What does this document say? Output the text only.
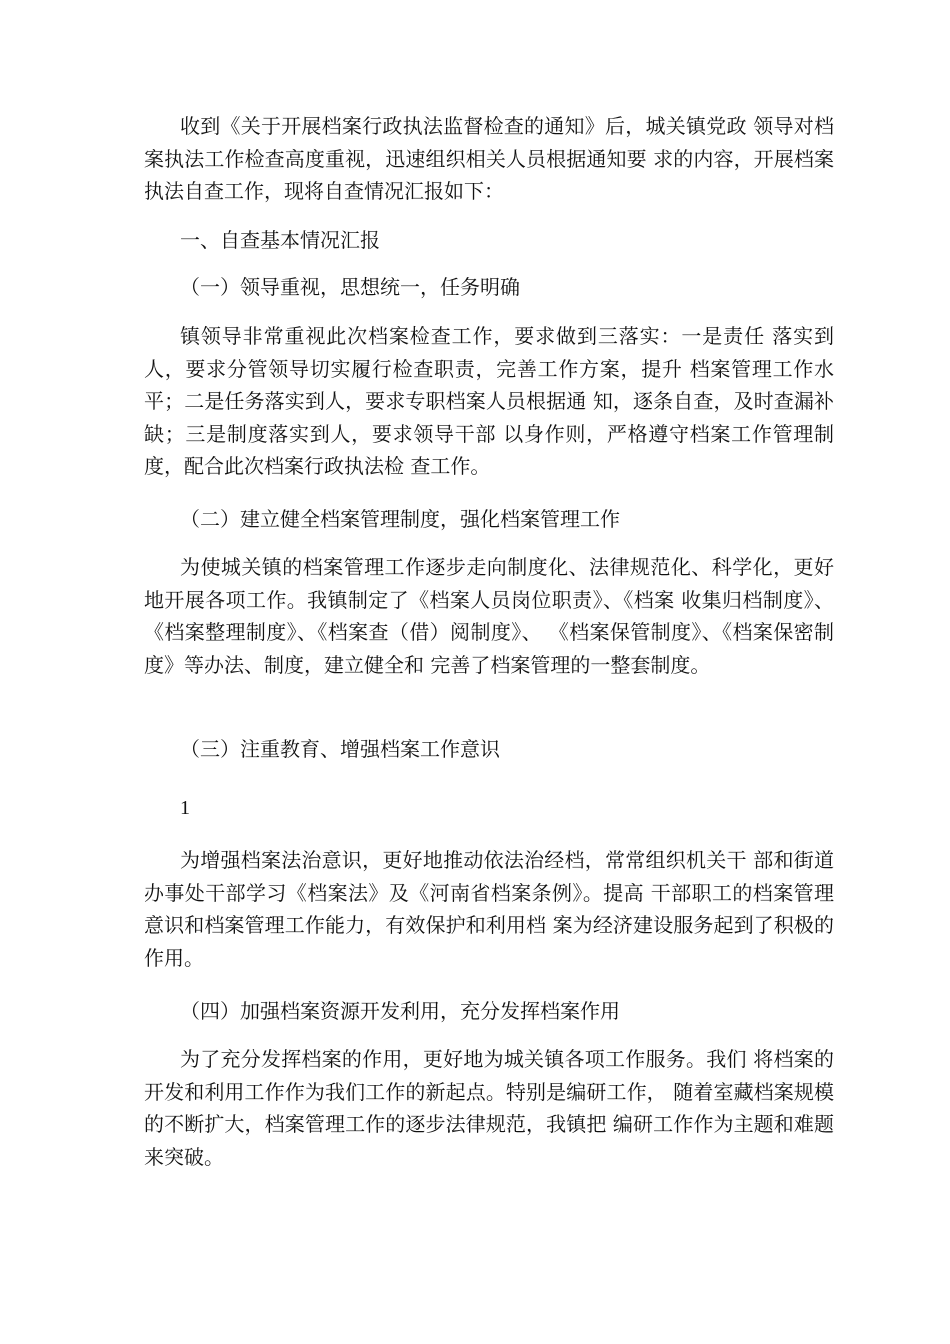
收到《关于开展档案行政执法监督检查的通知》后，城关镇党政 领导对档案执法工作检查高度重视，迅速组织相关人员根据通知要 求的内容，开展档案执法自查工作，现将自查情况汇报如下：

一、自查基本情况汇报

（一）领导重视，思想统一，任务明确

镇领导非常重视此次档案检查工作，要求做到三落实：一是责任 落实到人，要求分管领导切实履行检查职责，完善工作方案，提升 档案管理工作水平；二是任务落实到人，要求专职档案人员根据通 知，逐条自查，及时查漏补缺；三是制度落实到人，要求领导干部 以身作则，严格遵守档案工作管理制度，配合此次档案行政执法检 查工作。

（二）建立健全档案管理制度，强化档案管理工作

为使城关镇的档案管理工作逐步走向制度化、法律规范化、科学化，更好地开展各项工作。我镇制定了《档案人员岗位职责》、《档案 收集归档制度》、《档案整理制度》、《档案查（借）阅制度》、 《档案保管制度》、《档案保密制度》等办法、制度，建立健全和 完善了档案管理的一整套制度。

（三）注重教育、增强档案工作意识

1

为增强档案法治意识，更好地推动依法治经档，常常组织机关干 部和街道办事处干部学习《档案法》及《河南省档案条例》。提高 干部职工的档案管理意识和档案管理工作能力，有效保护和利用档 案为经济建设服务起到了积极的作用。

（四）加强档案资源开发利用，充分发挥档案作用

为了充分发挥档案的作用，更好地为城关镇各项工作服务。我们 将档案的开发和利用工作作为我们工作的新起点。特别是编研工作， 随着室藏档案规模的不断扩大，档案管理工作的逐步法律规范，我镇把 编研工作作为主题和难题来突破。
